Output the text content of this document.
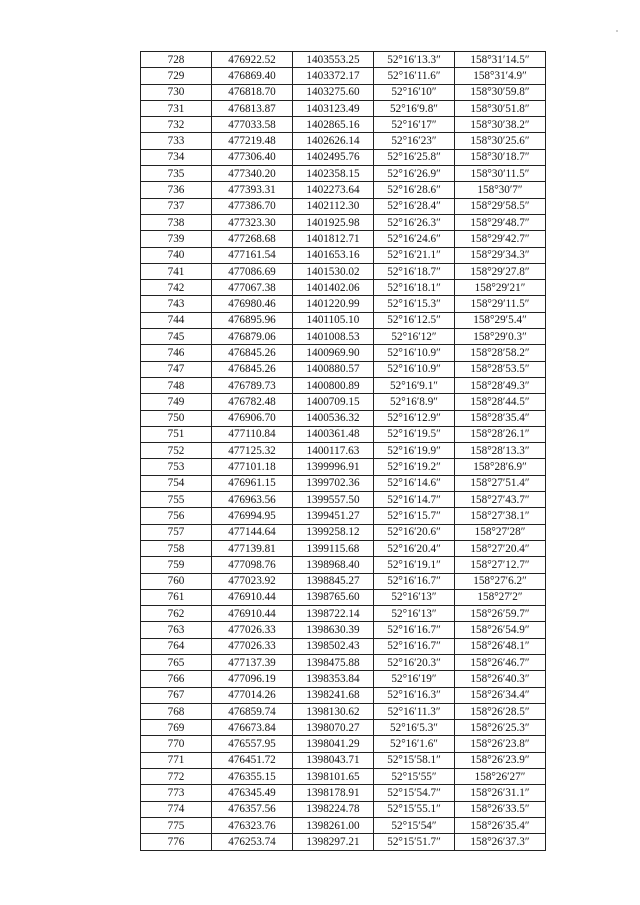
728	476922.52	1403553.25	52°16′13.3″	158°31′14.5″
729	476869.40	1403372.17	52°16′11.6″	158°31′4.9″
730	476818.70	1403275.60	52°16′10″	158°30′59.8″
731	476813.87	1403123.49	52°16′9.8″	158°30′51.8″
732	477033.58	1402865.16	52°16′17″	158°30′38.2″
733	477219.48	1402626.14	52°16′23″	158°30′25.6″
734	477306.40	1402495.76	52°16′25.8″	158°30′18.7″
735	477340.20	1402358.15	52°16′26.9″	158°30′11.5″
736	477393.31	1402273.64	52°16′28.6″	158°30′7″
737	477386.70	1402112.30	52°16′28.4″	158°29′58.5″
738	477323.30	1401925.98	52°16′26.3″	158°29′48.7″
739	477268.68	1401812.71	52°16′24.6″	158°29′42.7″
740	477161.54	1401653.16	52°16′21.1″	158°29′34.3″
741	477086.69	1401530.02	52°16′18.7″	158°29′27.8″
742	477067.38	1401402.06	52°16′18.1″	158°29′21″
743	476980.46	1401220.99	52°16′15.3″	158°29′11.5″
744	476895.96	1401105.10	52°16′12.5″	158°29′5.4″
745	476879.06	1401008.53	52°16′12″	158°29′0.3″
746	476845.26	1400969.90	52°16′10.9″	158°28′58.2″
747	476845.26	1400880.57	52°16′10.9″	158°28′53.5″
748	476789.73	1400800.89	52°16′9.1″	158°28′49.3″
749	476782.48	1400709.15	52°16′8.9″	158°28′44.5″
750	476906.70	1400536.32	52°16′12.9″	158°28′35.4″
751	477110.84	1400361.48	52°16′19.5″	158°28′26.1″
752	477125.32	1400117.63	52°16′19.9″	158°28′13.3″
753	477101.18	1399996.91	52°16′19.2″	158°28′6.9″
754	476961.15	1399702.36	52°16′14.6″	158°27′51.4″
755	476963.56	1399557.50	52°16′14.7″	158°27′43.7″
756	476994.95	1399451.27	52°16′15.7″	158°27′38.1″
757	477144.64	1399258.12	52°16′20.6″	158°27′28″
758	477139.81	1399115.68	52°16′20.4″	158°27′20.4″
759	477098.76	1398968.40	52°16′19.1″	158°27′12.7″
760	477023.92	1398845.27	52°16′16.7″	158°27′6.2″
761	476910.44	1398765.60	52°16′13″	158°27′2″
762	476910.44	1398722.14	52°16′13″	158°26′59.7″
763	477026.33	1398630.39	52°16′16.7″	158°26′54.9″
764	477026.33	1398502.43	52°16′16.7″	158°26′48.1″
765	477137.39	1398475.88	52°16′20.3″	158°26′46.7″
766	477096.19	1398353.84	52°16′19″	158°26′40.3″
767	477014.26	1398241.68	52°16′16.3″	158°26′34.4″
768	476859.74	1398130.62	52°16′11.3″	158°26′28.5″
769	476673.84	1398070.27	52°16′5.3″	158°26′25.3″
770	476557.95	1398041.29	52°16′1.6″	158°26′23.8″
771	476451.72	1398043.71	52°15′58.1″	158°26′23.9″
772	476355.15	1398101.65	52°15′55″	158°26′27″
773	476345.49	1398178.91	52°15′54.7″	158°26′31.1″
774	476357.56	1398224.78	52°15′55.1″	158°26′33.5″
775	476323.76	1398261.00	52°15′54″	158°26′35.4″
776	476253.74	1398297.21	52°15′51.7″	158°26′37.3″
